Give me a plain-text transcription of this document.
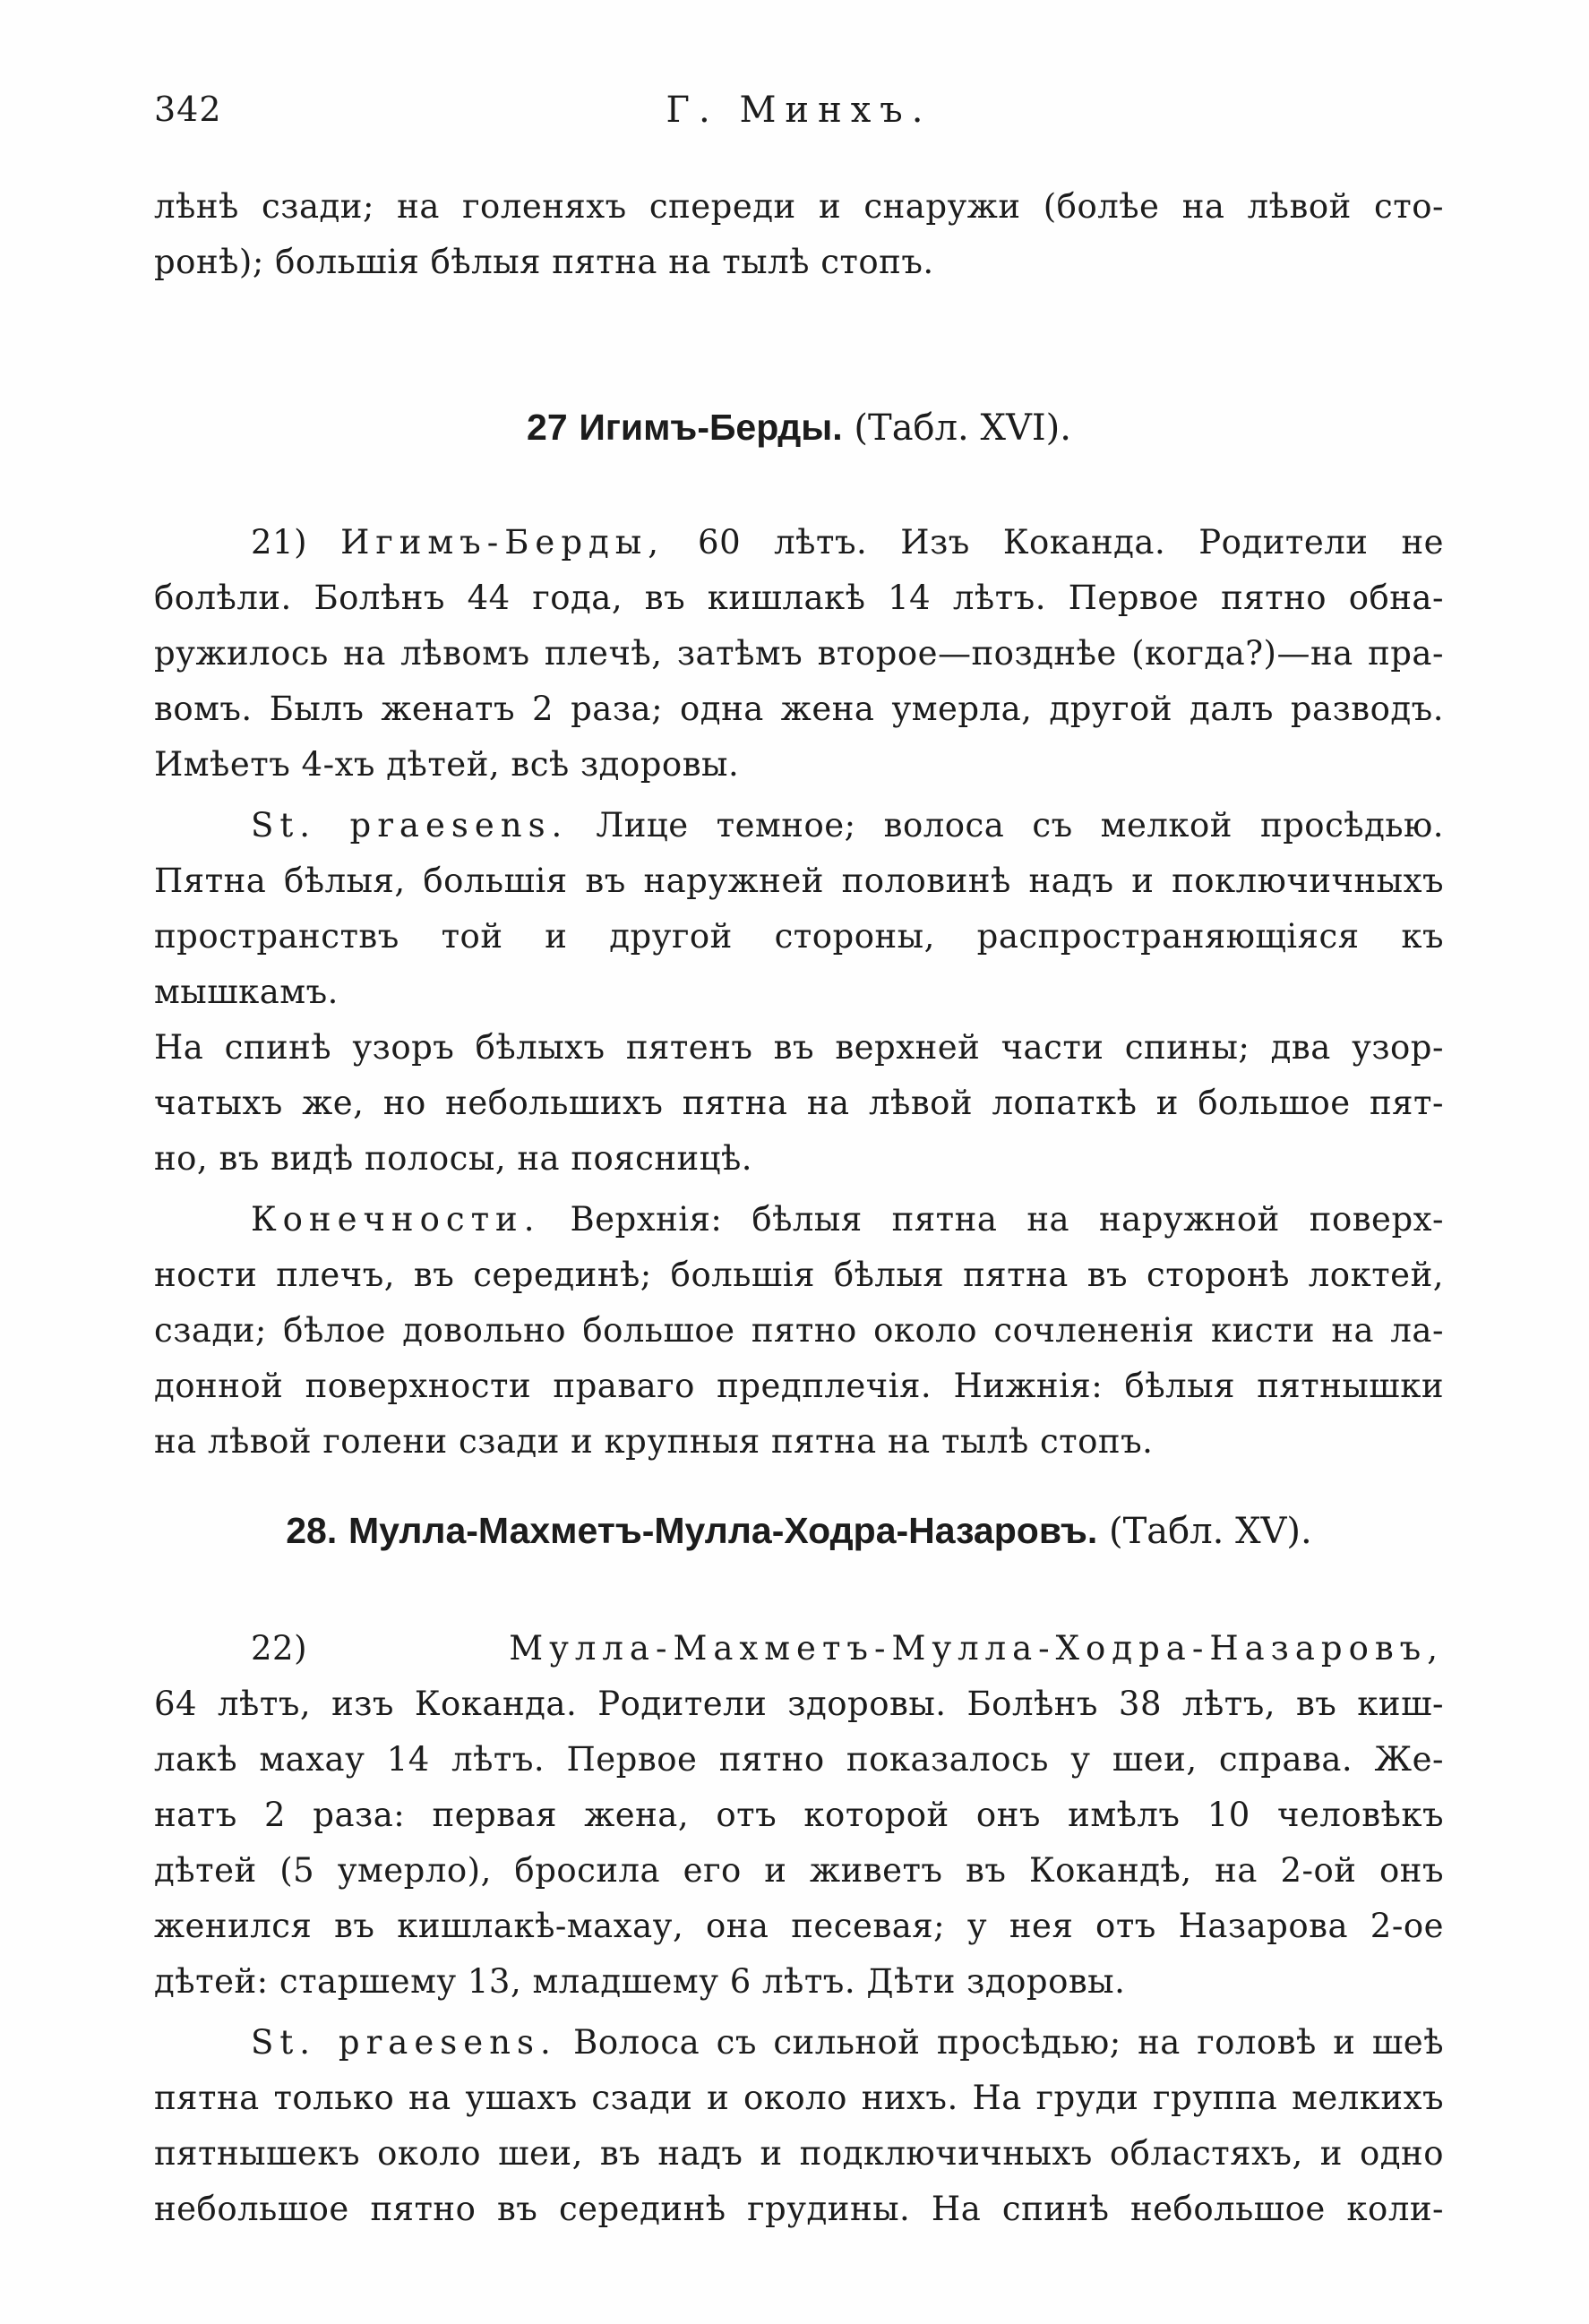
342	Г. Минхъ.

лѣнѣ сзади; на голеняхъ спереди и снаружи (болѣе на лѣвой сто-

ронѣ); большія бѣлыя пятна на тылѣ стопъ.

27 Игимъ-Берды. (Табл. XVI).

21) Игимъ-Берды, 60 лѣтъ. Изъ Коканда. Родители не

болѣли. Болѣнъ 44 года, въ кишлакѣ 14 лѣтъ. Первое пятно обна-

ружилось на лѣвомъ плечѣ, затѣмъ второе—позднѣе (когда?)—на пра-

вомъ. Былъ женатъ 2 раза; одна жена умерла, другой далъ разводъ.

Имѣетъ 4-хъ дѣтей, всѣ здоровы.

St. praesens. Лице темное; волоса съ мелкой просѣдью.

Пятна бѣлыя, большія въ наружней половинѣ надъ и поключичныхъ

пространствъ той и другой стороны, распространяющіяся къ мышкамъ.

На спинѣ узоръ бѣлыхъ пятенъ въ верхней части спины; два узор-

чатыхъ же, но небольшихъ пятна на лѣвой лопаткѣ и большое пят-

но, въ видѣ полосы, на поясницѣ.

Конечности. Верхнія: бѣлыя пятна на наружной поверх-

ности плечъ, въ серединѣ; большія бѣлыя пятна въ сторонѣ локтей,

сзади; бѣлое довольно большое пятно около сочлененія кисти на ла-

донной поверхности праваго предплечія. Нижнія: бѣлыя пятнышки

на лѣвой голени сзади и крупныя пятна на тылѣ стопъ.

28. Мулла-Махметъ-Мулла-Ходра-Назаровъ. (Табл. XV).

22)	Мулла-Махметъ-Мулла-Ходра-Назаровъ,

64 лѣтъ, изъ Коканда. Родители здоровы. Болѣнъ 38 лѣтъ, въ киш-

лакѣ махау 14 лѣтъ. Первое пятно показалось у шеи, справа. Же-

натъ 2 раза: первая жена, отъ которой онъ имѣлъ 10 человѣкъ

дѣтей (5 умерло), бросила его и живетъ въ Кокандѣ, на 2-ой онъ

женился въ кишлакѣ-махау, она песевая; у нея отъ Назарова 2-ое

дѣтей: старшему 13, младшему 6 лѣтъ. Дѣти здоровы.

St. praesens. Волоса съ сильной просѣдью; на головѣ и шеѣ

пятна только на ушахъ сзади и около нихъ. На груди группа мелкихъ

пятнышекъ около шеи, въ надъ и подключичныхъ областяхъ, и одно

небольшое пятно въ серединѣ грудины. На спинѣ небольшое коли-
